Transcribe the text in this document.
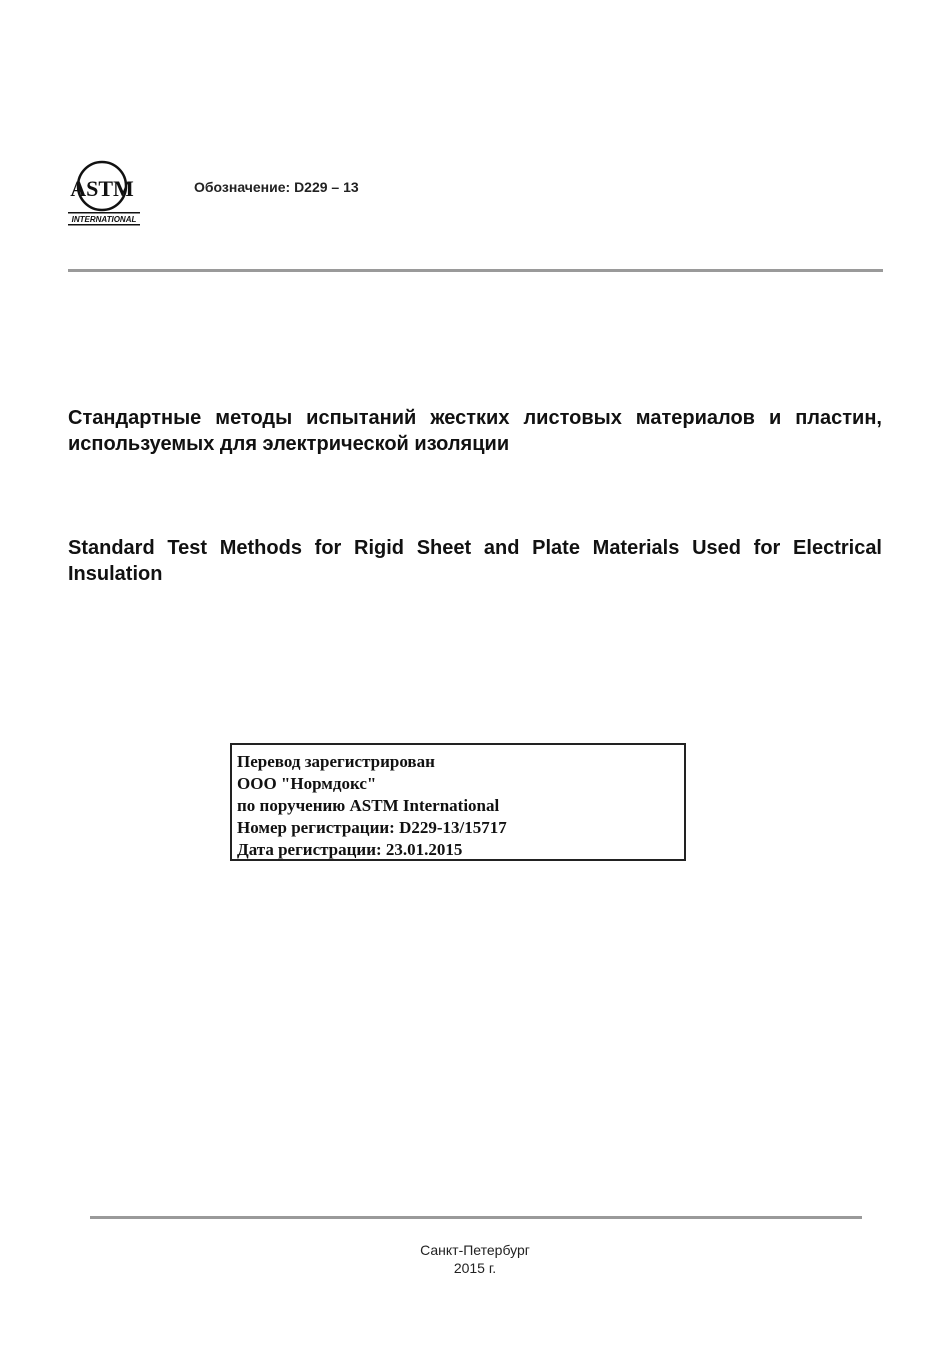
ASTM
INTERNATIONAL
Обозначение: D229 – 13
Стандартные методы испытаний жестких листовых материалов и пластин, используемых для электрической изоляции
Standard Test Methods for Rigid Sheet and Plate Materials Used for Electrical Insulation
Перевод зарегистрирован
ООО "Нормдокс"
по поручению ASTM International
Номер регистрации: D229-13/15717
Дата регистрации: 23.01.2015
Санкт-Петербург
2015 г.
